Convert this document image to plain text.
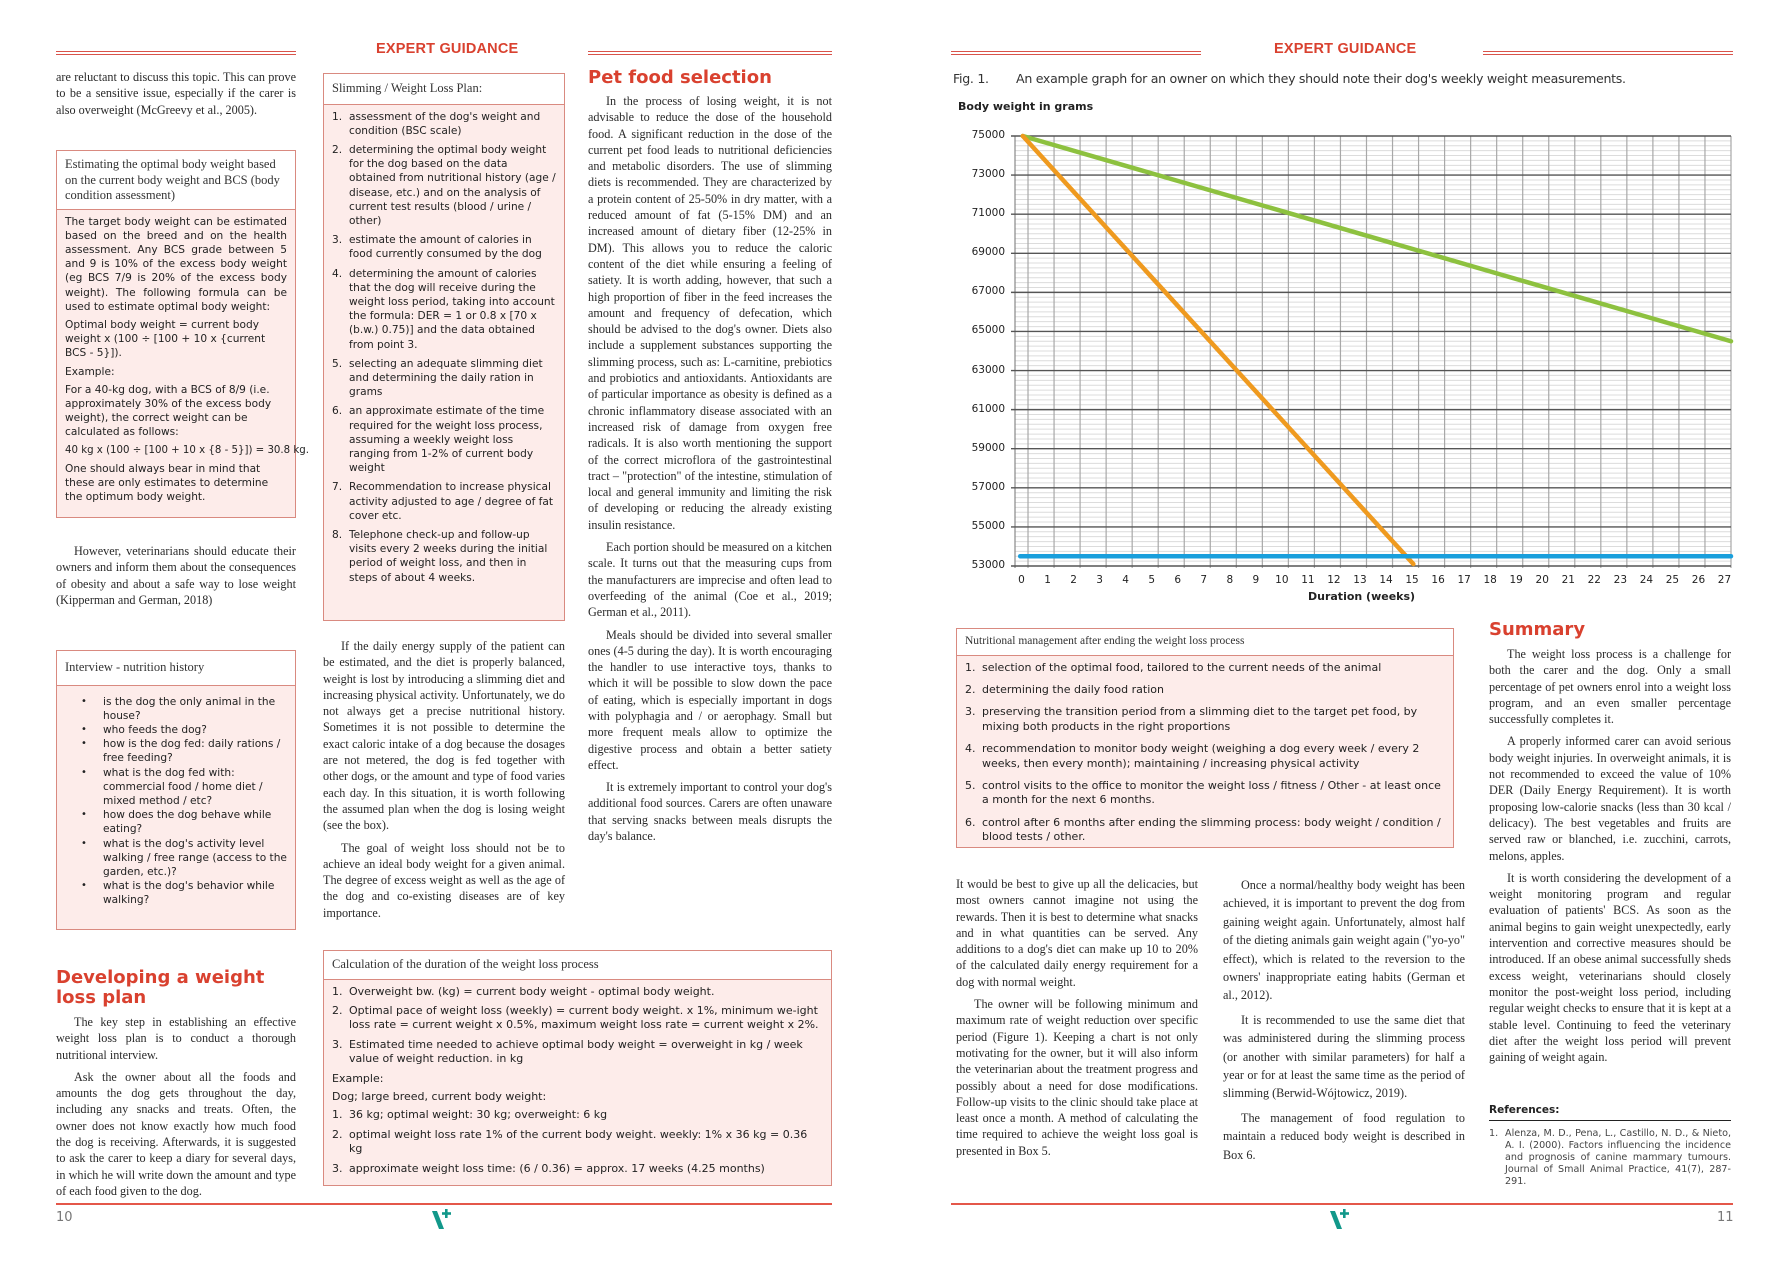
EXPERT GUIDANCE

are reluctant to discuss this topic. This can prove to be a sensitive issue, especially if the carer is also overweight (McGreevy et al., 2005).

Estimating the optimal body weight based on the current body weight and BCS (body condition assessment)
The target body weight can be estimated based on the breed and on the health assessment. Any BCS grade between 5 and 9 is 10% of the excess body weight (eg BCS 7/9 is 20% of the excess body weight). The following formula can be used to estimate optimal body weight:
Optimal body weight = current body weight x (100 ÷ [100 + 10 x {current BCS - 5}]).
Example:
For a 40-kg dog, with a BCS of 8/9 (i.e. approximately 30% of the excess body weight), the correct weight can be calculated as follows:
40 kg x (100 ÷ [100 + 10 x {8 - 5}]) = 30.8 kg.
One should always bear in mind that these are only estimates to determine the optimum body weight.

However, veterinarians should educate their owners and inform them about the consequences of obesity and about a safe way to lose weight (Kipperman and German, 2018)

Interview - nutrition history
• is the dog the only animal in the house?
• who feeds the dog?
• how is the dog fed: daily rations / free feeding?
• what is the dog fed with: commercial food / home diet / mixed method / etc?
• how does the dog behave while eating?
• what is the dog's activity level walking / free range (access to the garden, etc.)?
• what is the dog's behavior while walking?
Developing a weight loss plan

The key step in establishing an effective weight loss plan is to conduct a thorough nutritional interview.

Ask the owner about all the foods and amounts the dog gets throughout the day, including any snacks and treats. Often, the owner does not know exactly how much food the dog is receiving. Afterwards, it is suggested to ask the carer to keep a diary for several days, in which he will write down the amount and type of each food given to the dog.

Slimming / Weight Loss Plan:
1. assessment of the dog's weight and condition (BSC scale)
2. determining the optimal body weight for the dog based on the data obtained from nutritional history (age / disease, etc.) and on the analysis of current test results (blood / urine / other)
3. estimate the amount of calories in food currently consumed by the dog
4. determining the amount of calories that the dog will receive during the weight loss period, taking into account the formula: DER = 1 or 0.8 x [70 x (b.w.) 0.75)] and the data obtained from point 3.
5. selecting an adequate slimming diet and determining the daily ration in grams
6. an approximate estimate of the time required for the weight loss process, assuming a weekly weight loss ranging from 1-2% of current body weight
7. Recommendation to increase physical activity adjusted to age / degree of fat cover etc.
8. Telephone check-up and follow-up visits every 2 weeks during the initial period of weight loss, and then in steps of about 4 weeks.

If the daily energy supply of the patient can be estimated, and the diet is properly balanced, weight is lost by introducing a slimming diet and increasing physical activity. Unfortunately, we do not always get a precise nutritional history. Sometimes it is not possible to determine the exact caloric intake of a dog because the dosages are not metered, the dog is fed together with other dogs, or the amount and type of food varies each day. In this situation, it is worth following the assumed plan when the dog is losing weight (see the box).

The goal of weight loss should not be to achieve an ideal body weight for a given animal. The degree of excess weight as well as the age of the dog and co-existing diseases are of key importance.

Pet food selection

In the process of losing weight, it is not advisable to reduce the dose of the household food. A significant reduction in the dose of the current pet food leads to nutritional deficiencies and metabolic disorders. The use of slimming diets is recommended. They are characterized by a protein content of 25-50% in dry matter, with a reduced amount of fat (5-15% DM) and an increased amount of dietary fiber (12-25% in DM). This allows you to reduce the caloric content of the diet while ensuring a feeling of satiety. It is worth adding, however, that such a high proportion of fiber in the feed increases the amount and frequency of defecation, which should be advised to the dog's owner. Diets also include a supplement substances supporting the slimming process, such as: L-carnitine, prebiotics and probiotics and antioxidants. Antioxidants are of particular importance as obesity is defined as a chronic inflammatory disease associated with an increased risk of damage from oxygen free radicals. It is also worth mentioning the support of the correct microflora of the gastrointestinal tract – "protection" of the intestine, stimulation of local and general immunity and limiting the risk of developing or reducing the already existing insulin resistance.

Each portion should be measured on a kitchen scale. It turns out that the measuring cups from the manufacturers are imprecise and often lead to overfeeding of the animal (Coe et al., 2019; German et al., 2011).

Meals should be divided into several smaller ones (4-5 during the day). It is worth encouraging the handler to use interactive toys, thanks to which it will be possible to slow down the pace of eating, which is especially important in dogs with polyphagia and / or aerophagy. Small but more frequent meals allow to optimize the digestive process and obtain a better satiety effect.

It is extremely important to control your dog's additional food sources. Carers are often unaware that serving snacks between meals disrupts the day's balance.

Calculation of the duration of the weight loss process
1. Overweight bw. (kg) = current body weight - optimal body weight.
2. Optimal pace of weight loss (weekly) = current body weight. x 1%, minimum we-ight loss rate = current weight x 0.5%, maximum weight loss rate = current weight x 2%.
3. Estimated time needed to achieve optimal body weight = overweight in kg / week value of weight reduction. in kg
Example:
Dog; large breed, current body weight:
1. 36 kg; optimal weight: 30 kg; overweight: 6 kg
2. optimal weight loss rate 1% of the current body weight. weekly: 1% x 36 kg = 0.36 kg
3. approximate weight loss time: (6 / 0.36) = approx. 17 weeks (4.25 months)
10
EXPERT GUIDANCE
Fig. 1. An example graph for an owner on which they should note their dog's weekly weight measurements.
Body weight in grams
53000
55000
57000
59000
61000
63000
65000
67000
69000
71000
73000
75000
0	1	2	3	4	5	6	7	8	9	10	11	12	13	14	15	16	17	18	19	20	21	22	23	24	25	26	27
Duration (weeks)
Nutritional management after ending the weight loss process
1. selection of the optimal food, tailored to the current needs of the animal
2. determining the daily food ration
3. preserving the transition period from a slimming diet to the target pet food, by mixing both products in the right proportions
4. recommendation to monitor body weight (weighing a dog every week / every 2 weeks, then every month); maintaining / increasing physical activity
5. control visits to the office to monitor the weight loss / fitness / Other - at least once a month for the next 6 months.
6. control after 6 months after ending the slimming process: body weight / condition / blood tests / other.

It would be best to give up all the delicacies, but most owners cannot imagine not using the rewards. Then it is best to determine what snacks and in what quantities can be served. Any additions to a dog's diet can make up 10 to 20% of the calculated daily energy requirement for a dog with normal weight.

The owner will be following minimum and maximum rate of weight reduction over specific period (Figure 1). Keeping a chart is not only motivating for the owner, but it will also inform the veterinarian about the treatment progress and possibly about a need for dose modifications. Follow-up visits to the clinic should take place at least once a month. A method of calculating the time required to achieve the weight loss goal is presented in Box 5.

Once a normal/healthy body weight has been achieved, it is important to prevent the dog from gaining weight again. Unfortunately, almost half of the dieting animals gain weight again ("yo-yo" effect), which is related to the reversion to the owners' inappropriate eating habits (German et al., 2012).

It is recommended to use the same diet that was administered during the slimming process (or another with similar parameters) for half a year or for at least the same time as the period of slimming (Berwid-Wójtowicz, 2019).

The management of food regulation to maintain a reduced body weight is described in Box 6.

Summary

The weight loss process is a challenge for both the carer and the dog. Only a small percentage of pet owners enrol into a weight loss program, and an even smaller percentage successfully completes it.

A properly informed carer can avoid serious body weight injuries. In overweight animals, it is not recommended to exceed the value of 10% DER (Daily Energy Requirement). It is worth proposing low-calorie snacks (less than 30 kcal / delicacy). The best vegetables and fruits are served raw or blanched, i.e. zucchini, carrots, melons, apples.

It is worth considering the development of a weight monitoring program and regular evaluation of patients' BCS. As soon as the animal begins to gain weight unexpectedly, early intervention and corrective measures should be introduced. If an obese animal successfully sheds excess weight, veterinarians should closely monitor the post-weight loss period, including regular weight checks to ensure that it is kept at a stable level. Continuing to feed the veterinary diet after the weight loss period will prevent gaining of weight again.

References:
1. Alenza, M. D., Pena, L., Castillo, N. D., & Nieto, A. I. (2000). Factors influencing the incidence and prognosis of canine mammary tumours. Journal of Small Animal Practice, 41(7), 287-291.
11
